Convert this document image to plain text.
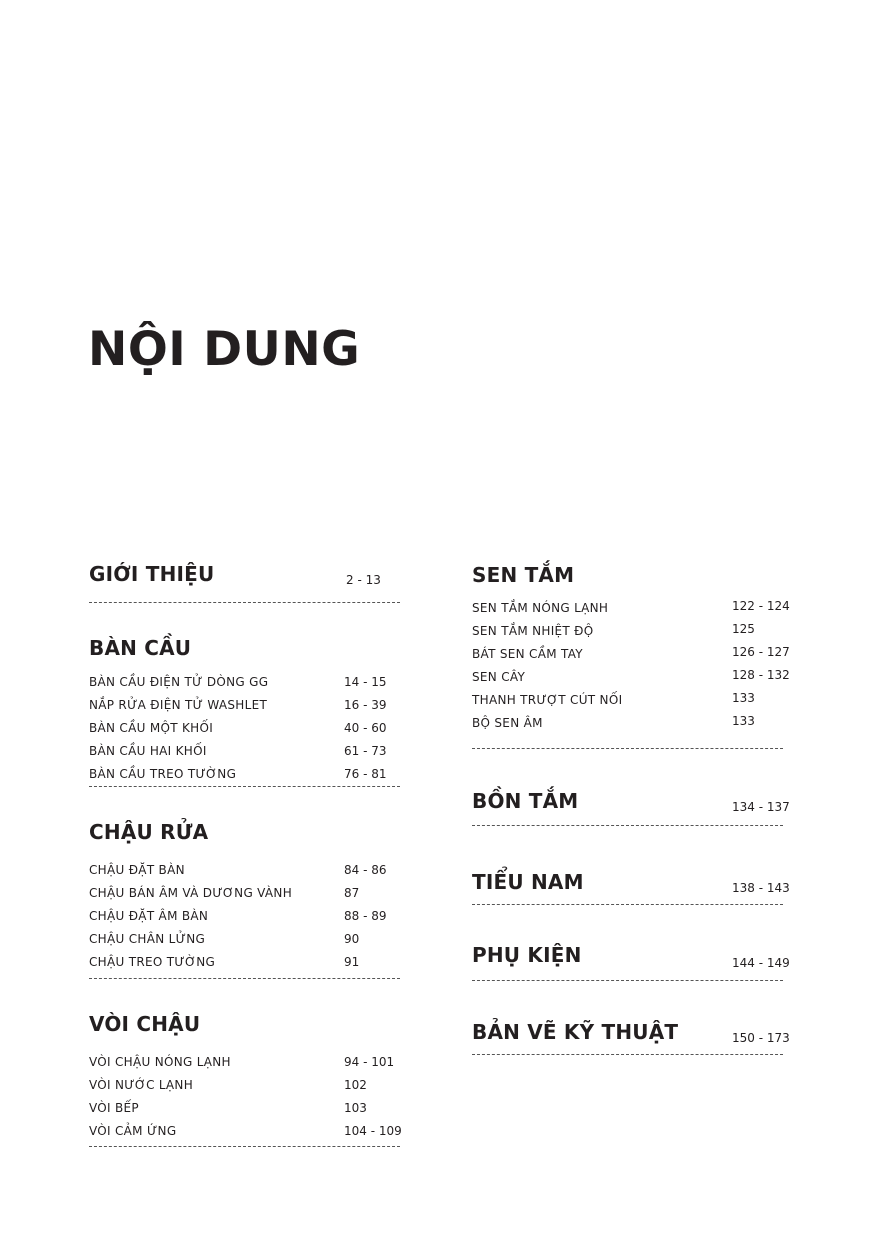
NỘI DUNG
GIỚI THIỆU	2 - 13
BÀN CẦU
BÀN CẦU ĐIỆN TỬ DÒNG GG	14 - 15
NẮP RỬA ĐIỆN TỬ WASHLET	16 - 39
BÀN CẦU MỘT KHỐI	40 - 60
BÀN CẦU HAI KHỐI	61 - 73
BÀN CẦU TREO TƯỜNG	76 - 81
CHẬU RỬA
CHẬU ĐẶT BÀN	84 - 86
CHẬU BÁN ÂM VÀ DƯƠNG VÀNH	87
CHẬU ĐẶT ÂM BÀN	88 - 89
CHẬU CHÂN LỬNG	90
CHẬU TREO TƯỜNG	91
VÒI CHẬU
VÒI CHẬU NÓNG LẠNH	94 - 101
VÒI NƯỚC LẠNH	102
VÒI BẾP	103
VÒI CẢM ỨNG	104 - 109
SEN TẮM
SEN TẮM NÓNG LẠNH	122 - 124
SEN TẮM NHIỆT ĐỘ	125
BÁT SEN CẦM TAY	126 - 127
SEN CÂY	128 - 132
THANH TRƯỢT CÚT NỐI	133
BỘ SEN ÂM	133
BỒN TẮM	134 - 137
TIỂU NAM	138 - 143
PHỤ KIỆN	144 - 149
BẢN VẼ KỸ THUẬT	150 - 173
